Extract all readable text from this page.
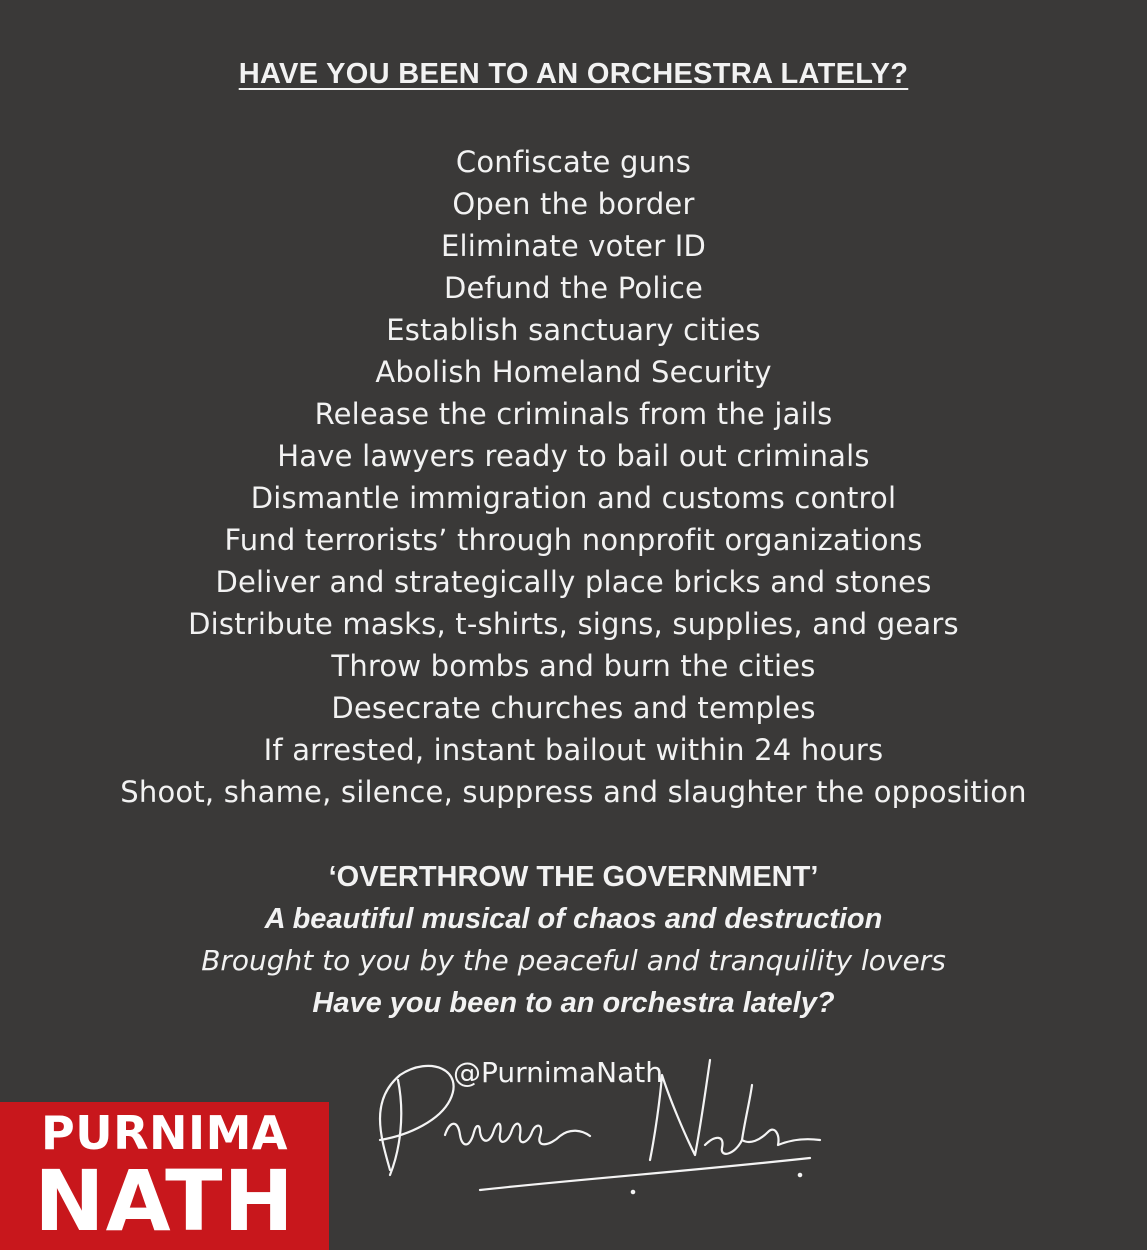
HAVE YOU BEEN TO AN ORCHESTRA LATELY?
Confiscate guns
Open the border
Eliminate voter ID
Defund the Police
Establish sanctuary cities
Abolish Homeland Security
Release the criminals from the jails
Have lawyers ready to bail out criminals
Dismantle immigration and customs control
Fund terrorists’ through nonprofit organizations
Deliver and strategically place bricks and stones
Distribute masks, t-shirts, signs, supplies, and gears
Throw bombs and burn the cities
Desecrate churches and temples
If arrested, instant bailout within 24 hours
Shoot, shame, silence, suppress and slaughter the opposition
‘OVERTHROW THE GOVERNMENT’
A beautiful musical of chaos and destruction
Brought to you by the peaceful and tranquility lovers
Have you been to an orchestra lately?
@PurnimaNath
PURNIMA
NATH
